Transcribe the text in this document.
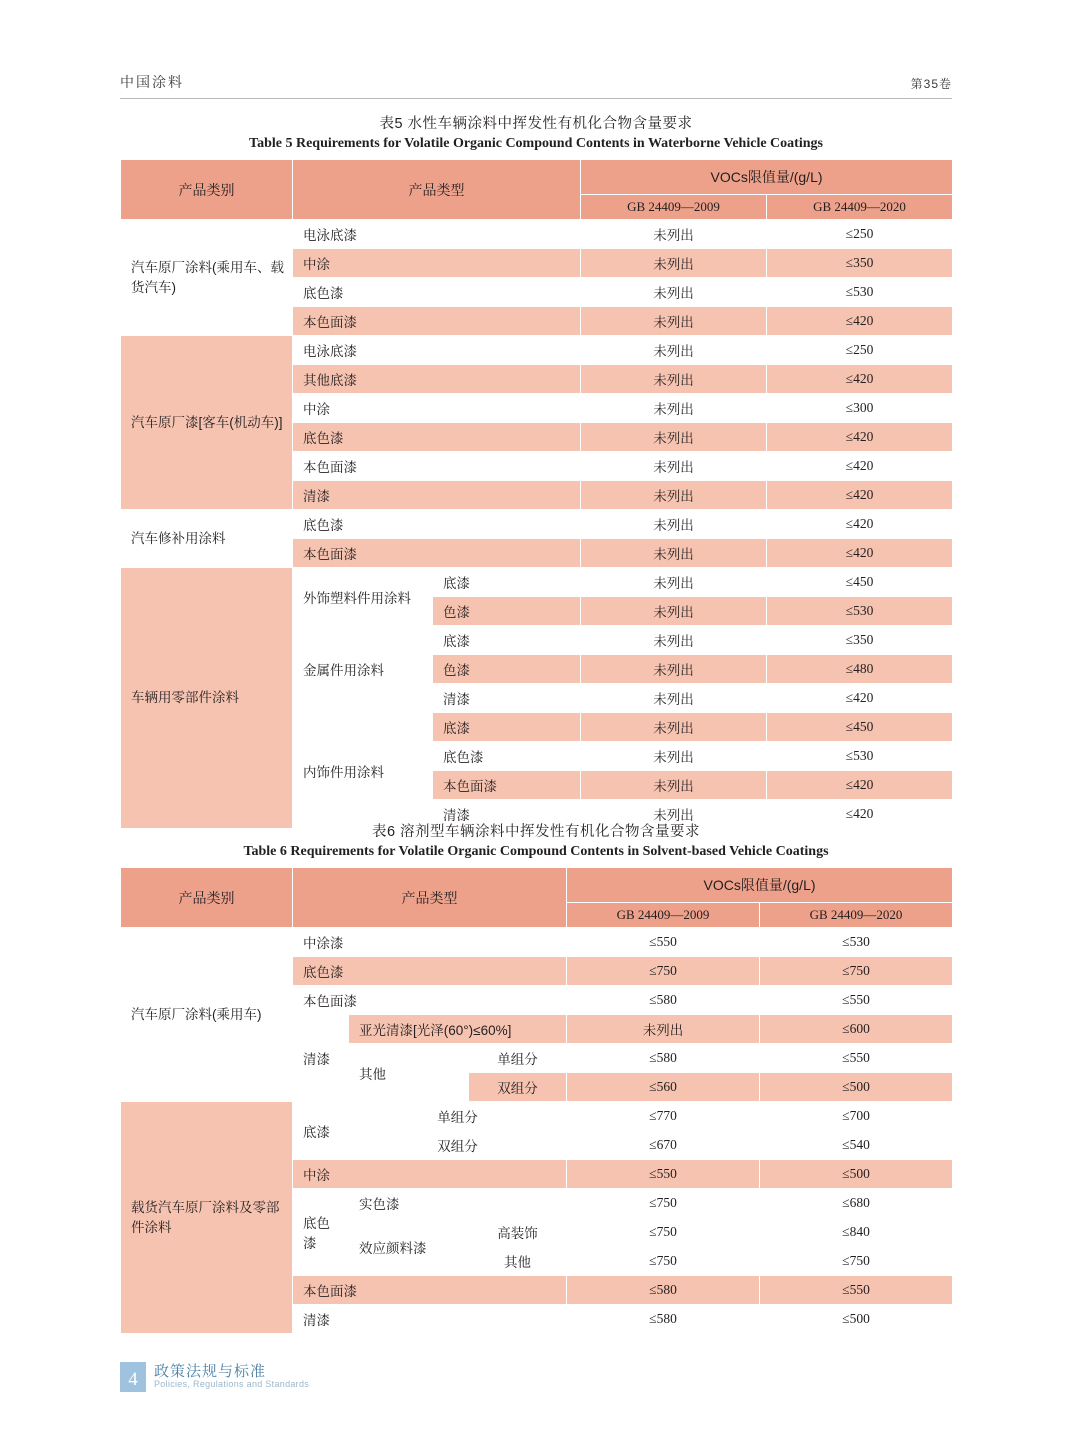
中国涂料	第35卷
表5 水性车辆涂料中挥发性有机化合物含量要求
Table 5 Requirements for Volatile Organic Compound Contents in Waterborne Vehicle Coatings
产品类别	产品类型		VOCs限值量/(g/L)	
			GB 24409—2009	GB 24409—2020
汽车原厂涂料(乘用车、载货汽车)	电泳底漆		未列出	≤250
	中涂		未列出	≤350
	底色漆		未列出	≤530
	本色面漆		未列出	≤420
汽车原厂漆[客车(机动车)]	电泳底漆		未列出	≤250
	其他底漆		未列出	≤420
	中涂		未列出	≤300
	底色漆		未列出	≤420
	本色面漆		未列出	≤420
	清漆		未列出	≤420
汽车修补用涂料	底色漆		未列出	≤420
	本色面漆		未列出	≤420
车辆用零部件涂料	外饰塑料件用涂料	底漆	未列出	≤450
		色漆	未列出	≤530
	金属件用涂料	底漆	未列出	≤350
		色漆	未列出	≤480
		清漆	未列出	≤420
	内饰件用涂料	底漆	未列出	≤450
		底色漆	未列出	≤530
		本色面漆	未列出	≤420
		清漆	未列出	≤420
表6 溶剂型车辆涂料中挥发性有机化合物含量要求
Table 6 Requirements for Volatile Organic Compound Contents in Solvent-based Vehicle Coatings
产品类别	产品类型			VOCs限值量/(g/L)	
				GB 24409—2009	GB 24409—2020
汽车原厂涂料(乘用车)	中涂漆			≤550	≤530
	底色漆			≤750	≤750
	本色面漆			≤580	≤550
	清漆	亚光清漆[光泽(60°)≤60%]		未列出	≤600
		其他	单组分	≤580	≤550
			双组分	≤560	≤500
载货汽车原厂涂料及零部件涂料	底漆	单组分		≤770	≤700
		双组分		≤670	≤540
	中涂			≤550	≤500
	底色漆	实色漆		≤750	≤680
		效应颜料漆	高装饰	≤750	≤840
			其他	≤750	≤750
	本色面漆			≤580	≤550
	清漆			≤580	≤500
4	政策法规与标准
Policies, Regulations and Standards
